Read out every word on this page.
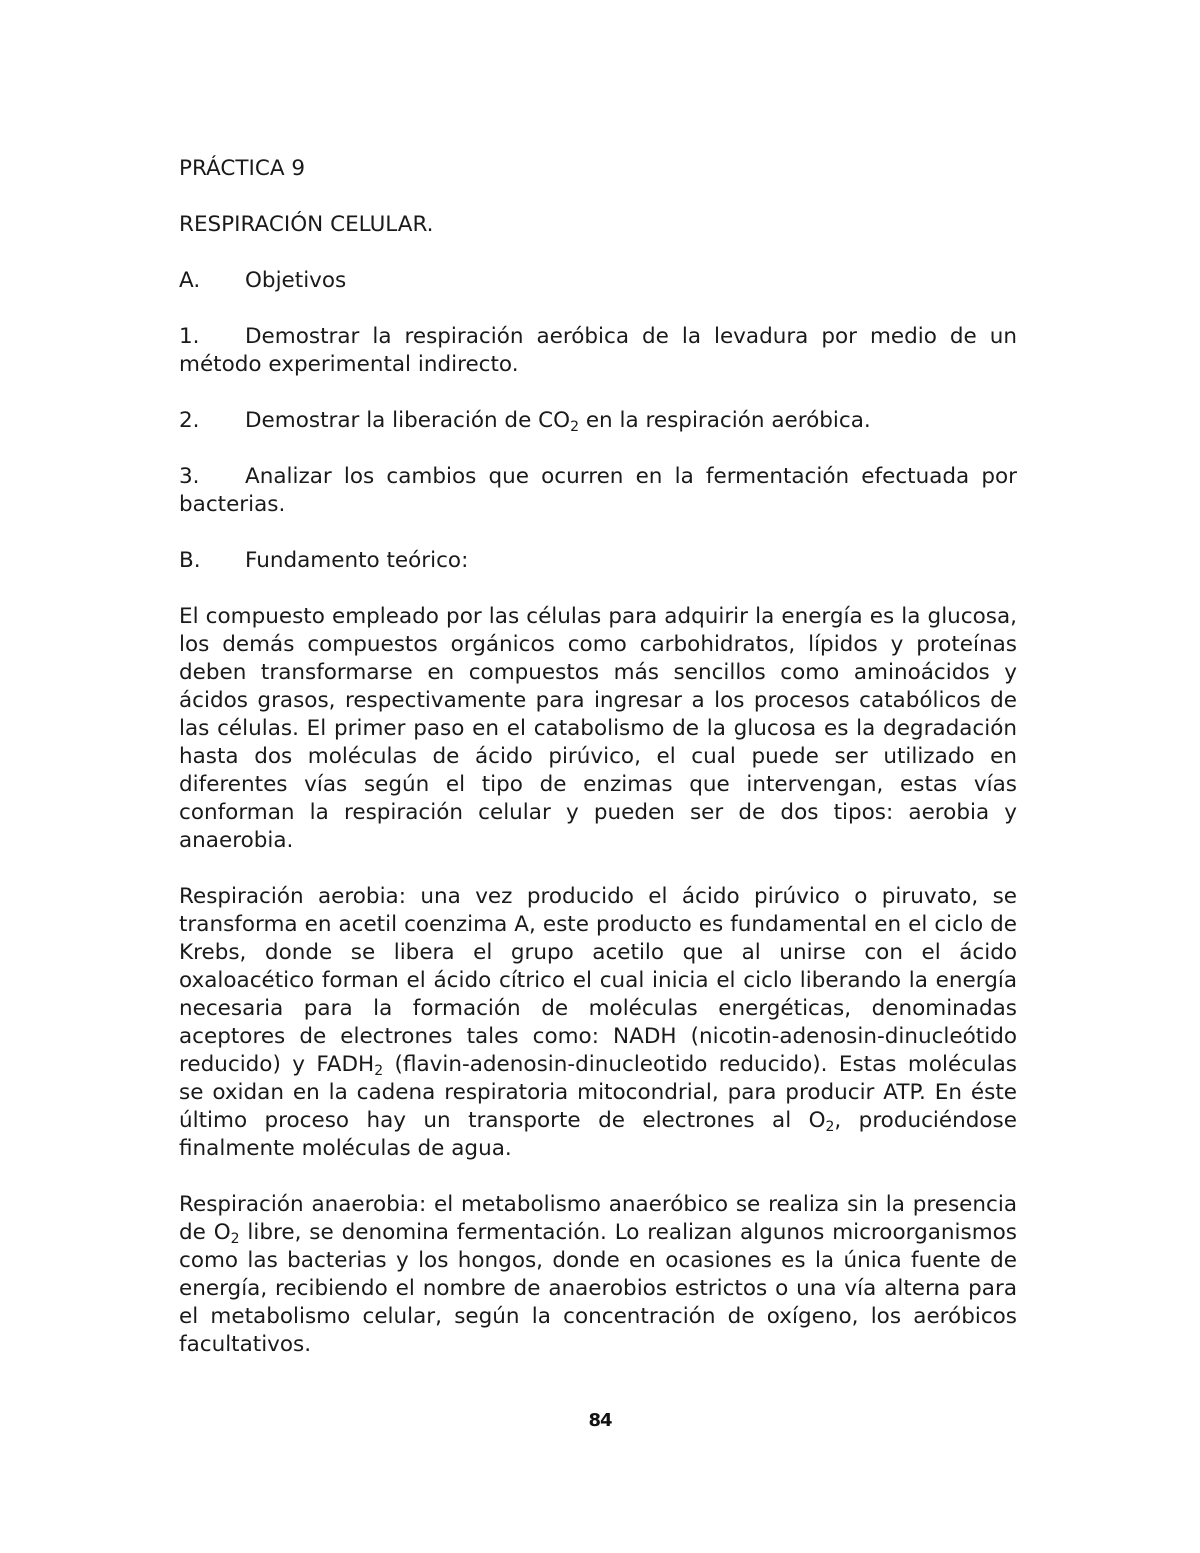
PRÁCTICA 9

RESPIRACIÓN CELULAR.

A.	Objetivos

1. Demostrar la respiración aeróbica de la levadura por medio de un método experimental indirecto.

2.	Demostrar la liberación de $CO_2$ en la respiración aeróbica.

3. Analizar los cambios que ocurren en la fermentación efectuada por bacterias.

B.	Fundamento teórico:

El compuesto empleado por las células para adquirir la energía es la glucosa, los demás compuestos orgánicos como carbohidratos, lípidos y proteínas deben transformarse en compuestos más sencillos como aminoácidos y ácidos grasos, respectivamente para ingresar a los procesos catabólicos de las células. El primer paso en el catabolismo de la glucosa es la degradación hasta dos moléculas de ácido pirúvico, el cual puede ser utilizado en diferentes vías según el tipo de enzimas que intervengan, estas vías conforman la respiración celular y pueden ser de dos tipos: aerobia y anaerobia.

Respiración aerobia: una vez producido el ácido pirúvico o piruvato, se transforma en acetil coenzima A, este producto es fundamental en el ciclo de Krebs, donde se libera el grupo acetilo que al unirse con el ácido oxaloacético forman el ácido cítrico el cual inicia el ciclo liberando la energía necesaria para la formación de moléculas energéticas, denominadas aceptores de electrones tales como: NADH (nicotin-adenosin-dinucleótido reducido) y $FADH_2$ (flavin-adenosin-dinucleotido reducido). Estas moléculas se oxidan en la cadena respiratoria mitocondrial, para producir ATP. En éste último proceso hay un transporte de electrones al $O_2$, produciéndose finalmente moléculas de agua.

Respiración anaerobia: el metabolismo anaeróbico se realiza sin la presencia de $O_2$ libre, se denomina fermentación. Lo realizan algunos microorganismos como las bacterias y los hongos, donde en ocasiones es la única fuente de energía, recibiendo el nombre de anaerobios estrictos o una vía alterna para el metabolismo celular, según la concentración de oxígeno, los aeróbicos facultativos.

84
